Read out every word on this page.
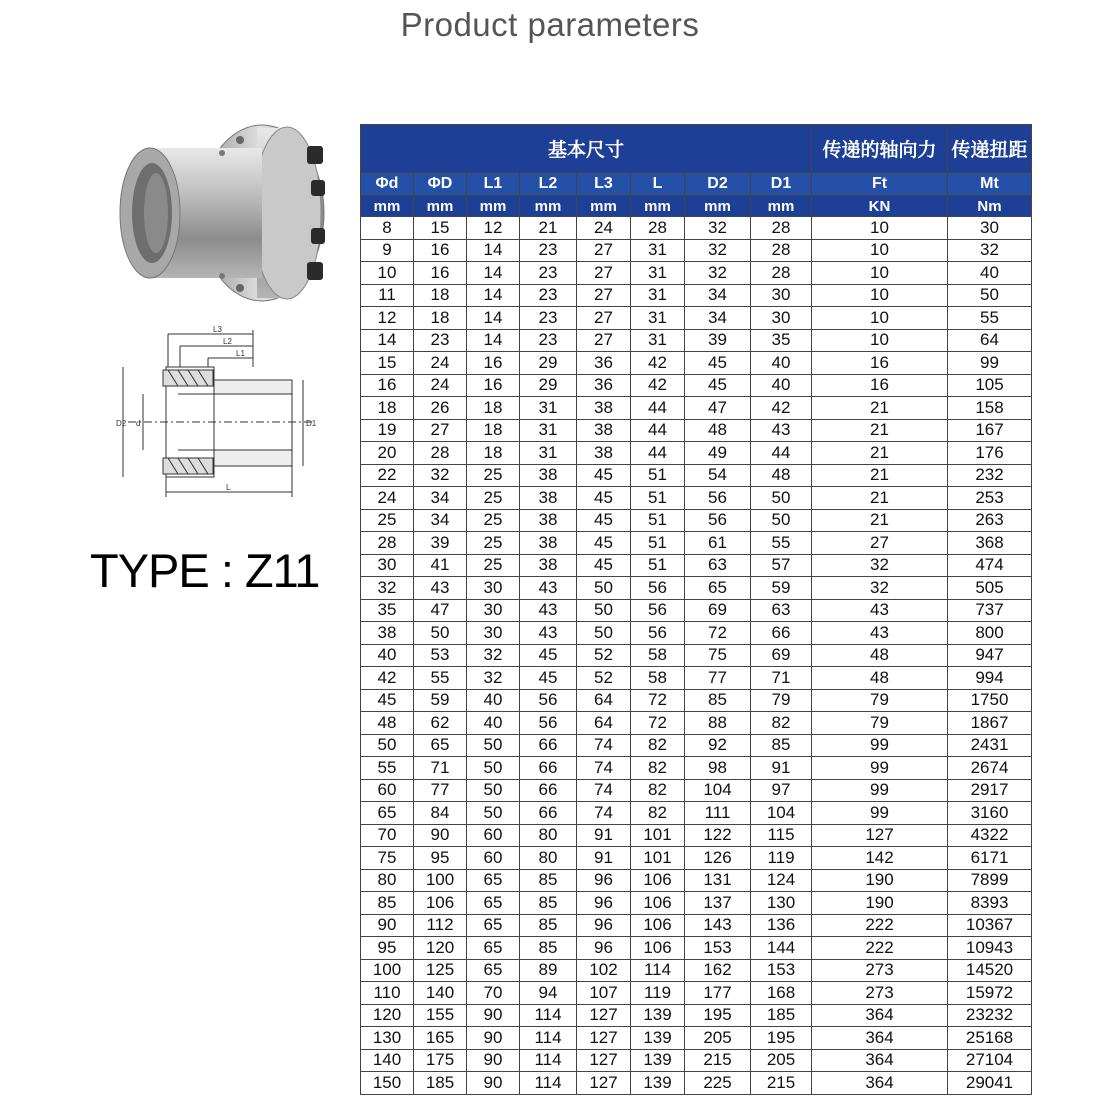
Product parameters
L3
L2
L1
D2 d	D1
L
TYPE : Z11
基本尺寸								传递的轴向力	传递扭距
Φd	ΦD	L1	L2	L3	L	D2	D1	Ft	Mt
mm	mm	mm	mm	mm	mm	mm	mm	KN	Nm
8	15	12	21	24	28	32	28	10	30
9	16	14	23	27	31	32	28	10	32
10	16	14	23	27	31	32	28	10	40
11	18	14	23	27	31	34	30	10	50
12	18	14	23	27	31	34	30	10	55
14	23	14	23	27	31	39	35	10	64
15	24	16	29	36	42	45	40	16	99
16	24	16	29	36	42	45	40	16	105
18	26	18	31	38	44	47	42	21	158
19	27	18	31	38	44	48	43	21	167
20	28	18	31	38	44	49	44	21	176
22	32	25	38	45	51	54	48	21	232
24	34	25	38	45	51	56	50	21	253
25	34	25	38	45	51	56	50	21	263
28	39	25	38	45	51	61	55	27	368
30	41	25	38	45	51	63	57	32	474
32	43	30	43	50	56	65	59	32	505
35	47	30	43	50	56	69	63	43	737
38	50	30	43	50	56	72	66	43	800
40	53	32	45	52	58	75	69	48	947
42	55	32	45	52	58	77	71	48	994
45	59	40	56	64	72	85	79	79	1750
48	62	40	56	64	72	88	82	79	1867
50	65	50	66	74	82	92	85	99	2431
55	71	50	66	74	82	98	91	99	2674
60	77	50	66	74	82	104	97	99	2917
65	84	50	66	74	82	111	104	99	3160
70	90	60	80	91	101	122	115	127	4322
75	95	60	80	91	101	126	119	142	6171
80	100	65	85	96	106	131	124	190	7899
85	106	65	85	96	106	137	130	190	8393
90	112	65	85	96	106	143	136	222	10367
95	120	65	85	96	106	153	144	222	10943
100	125	65	89	102	114	162	153	273	14520
110	140	70	94	107	119	177	168	273	15972
120	155	90	114	127	139	195	185	364	23232
130	165	90	114	127	139	205	195	364	25168
140	175	90	114	127	139	215	205	364	27104
150	185	90	114	127	139	225	215	364	29041
